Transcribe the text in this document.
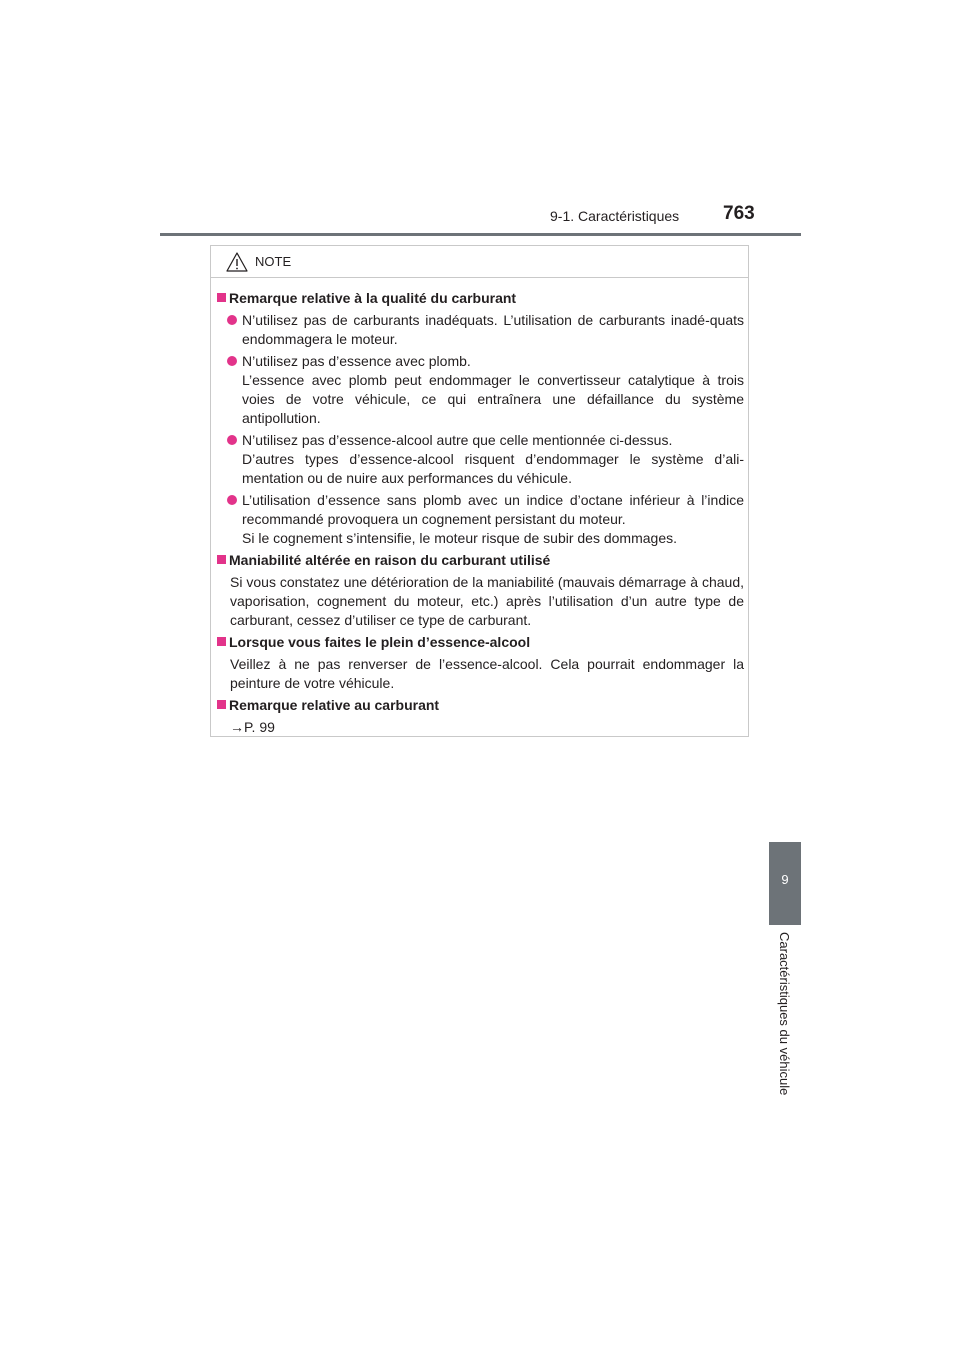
9-1. Caractéristiques 763
9
Caractéristiques du véhicule
NOTE
Remarque relative à la qualité du carburant
N’utilisez pas de carburants inadéquats. L’utilisation de carburants inadé-quats endommagera le moteur.
N’utilisez pas d’essence avec plomb.
L’essence avec plomb peut endommager le convertisseur catalytique à trois voies de votre véhicule, ce qui entraînera une défaillance du système antipollution.
N’utilisez pas d’essence-alcool autre que celle mentionnée ci-dessus.
D’autres types d’essence-alcool risquent d’endommager le système d’ali-mentation ou de nuire aux performances du véhicule.
L’utilisation d’essence sans plomb avec un indice d’octane inférieur à l’indice recommandé provoquera un cognement persistant du moteur.
Si le cognement s’intensifie, le moteur risque de subir des dommages.
Maniabilité altérée en raison du carburant utilisé
Si vous constatez une détérioration de la maniabilité (mauvais démarrage à chaud, vaporisation, cognement du moteur, etc.) après l’utilisation d’un autre type de carburant, cessez d’utiliser ce type de carburant.
Lorsque vous faites le plein d’essence-alcool
Veillez à ne pas renverser de l’essence-alcool. Cela pourrait endommager la peinture de votre véhicule.
Remarque relative au carburant
→P. 99
